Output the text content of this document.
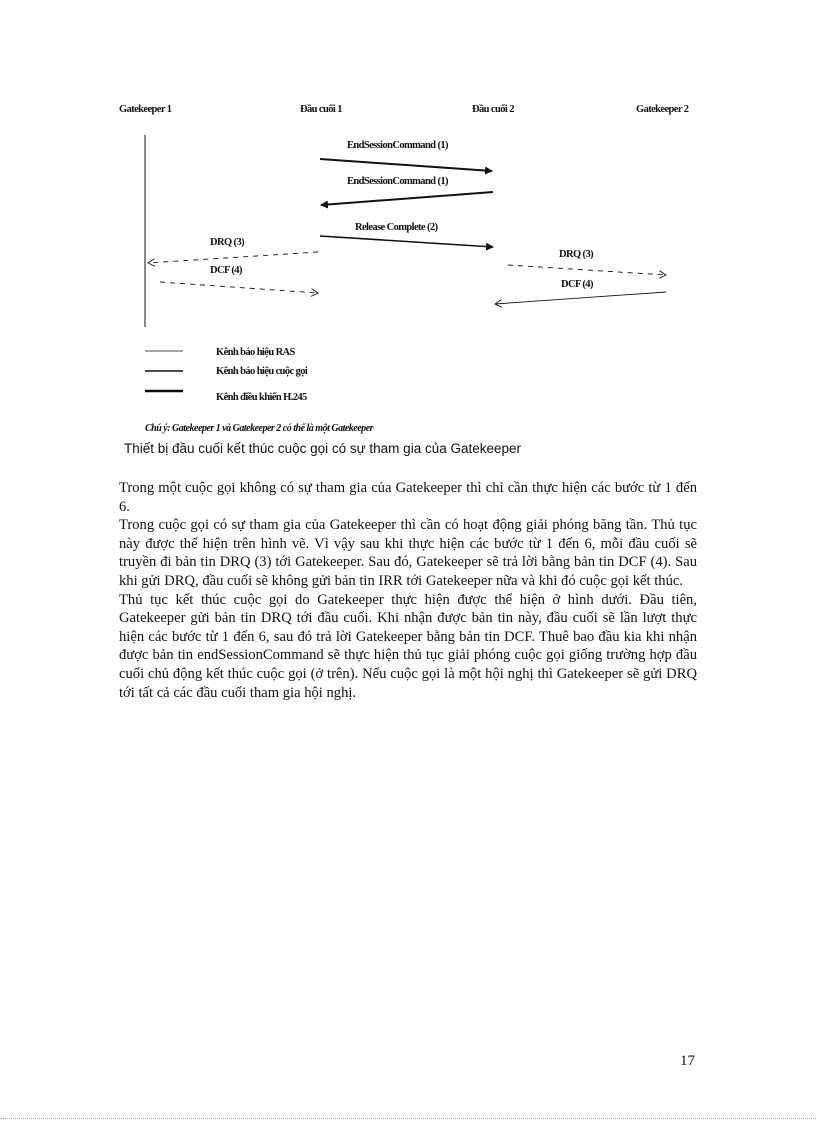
Gatekeeper 1	Đầu cuối 1	Đầu cuối 2	Gatekeeper 2
EndSessionCommand (1)
EndSessionCommand (1)
Release Complete (2)
DRQ (3)
DCF (4)
DRQ (3)
DCF (4)
Kênh báo hiệu RAS
Kênh báo hiệu cuộc gọi
Kênh điều khiển H.245
Chú ý: Gatekeeper 1 và Gatekeeper 2 có thể là một Gatekeeper
Thiết bị đầu cuối kết thúc cuộc gọi có sự tham gia của Gatekeeper

Trong một cuộc gọi không có sự tham gia của Gatekeeper thì chỉ cần thực hiện các bước từ 1 đến 6.

Trong cuộc gọi có sự tham gia của Gatekeeper thì cần có hoạt động giải phóng băng tần. Thủ tục này được thể hiện trên hình vẽ. Vì vậy sau khi thực hiện các bước từ 1 đến 6, mỗi đầu cuối sẽ truyền đi bản tin DRQ (3) tới Gatekeeper. Sau đó, Gatekeeper sẽ trả lời bằng bản tin DCF (4). Sau khi gửi DRQ, đầu cuối sẽ không gửi bản tin IRR tới Gatekeeper nữa và khi đó cuộc gọi kết thúc.

Thủ tục kết thúc cuộc gọi do Gatekeeper thực hiện được thể hiện ở hình dưới. Đầu tiên, Gatekeeper gửi bản tin DRQ tới đầu cuối. Khi nhận được bản tin này, đầu cuối sẽ lần lượt thực hiện các bước từ 1 đến 6, sau đó trả lời Gatekeeper bằng bản tin DCF. Thuê bao đầu kia khi nhận được bản tin endSessionCommand sẽ thực hiện thủ tục giải phóng cuộc gọi giống trường hợp đầu cuối chủ động kết thúc cuộc gọi (ở trên). Nếu cuộc gọi là một hội nghị thì Gatekeeper sẽ gửi DRQ tới tất cả các đầu cuối tham gia hội nghị.

17
